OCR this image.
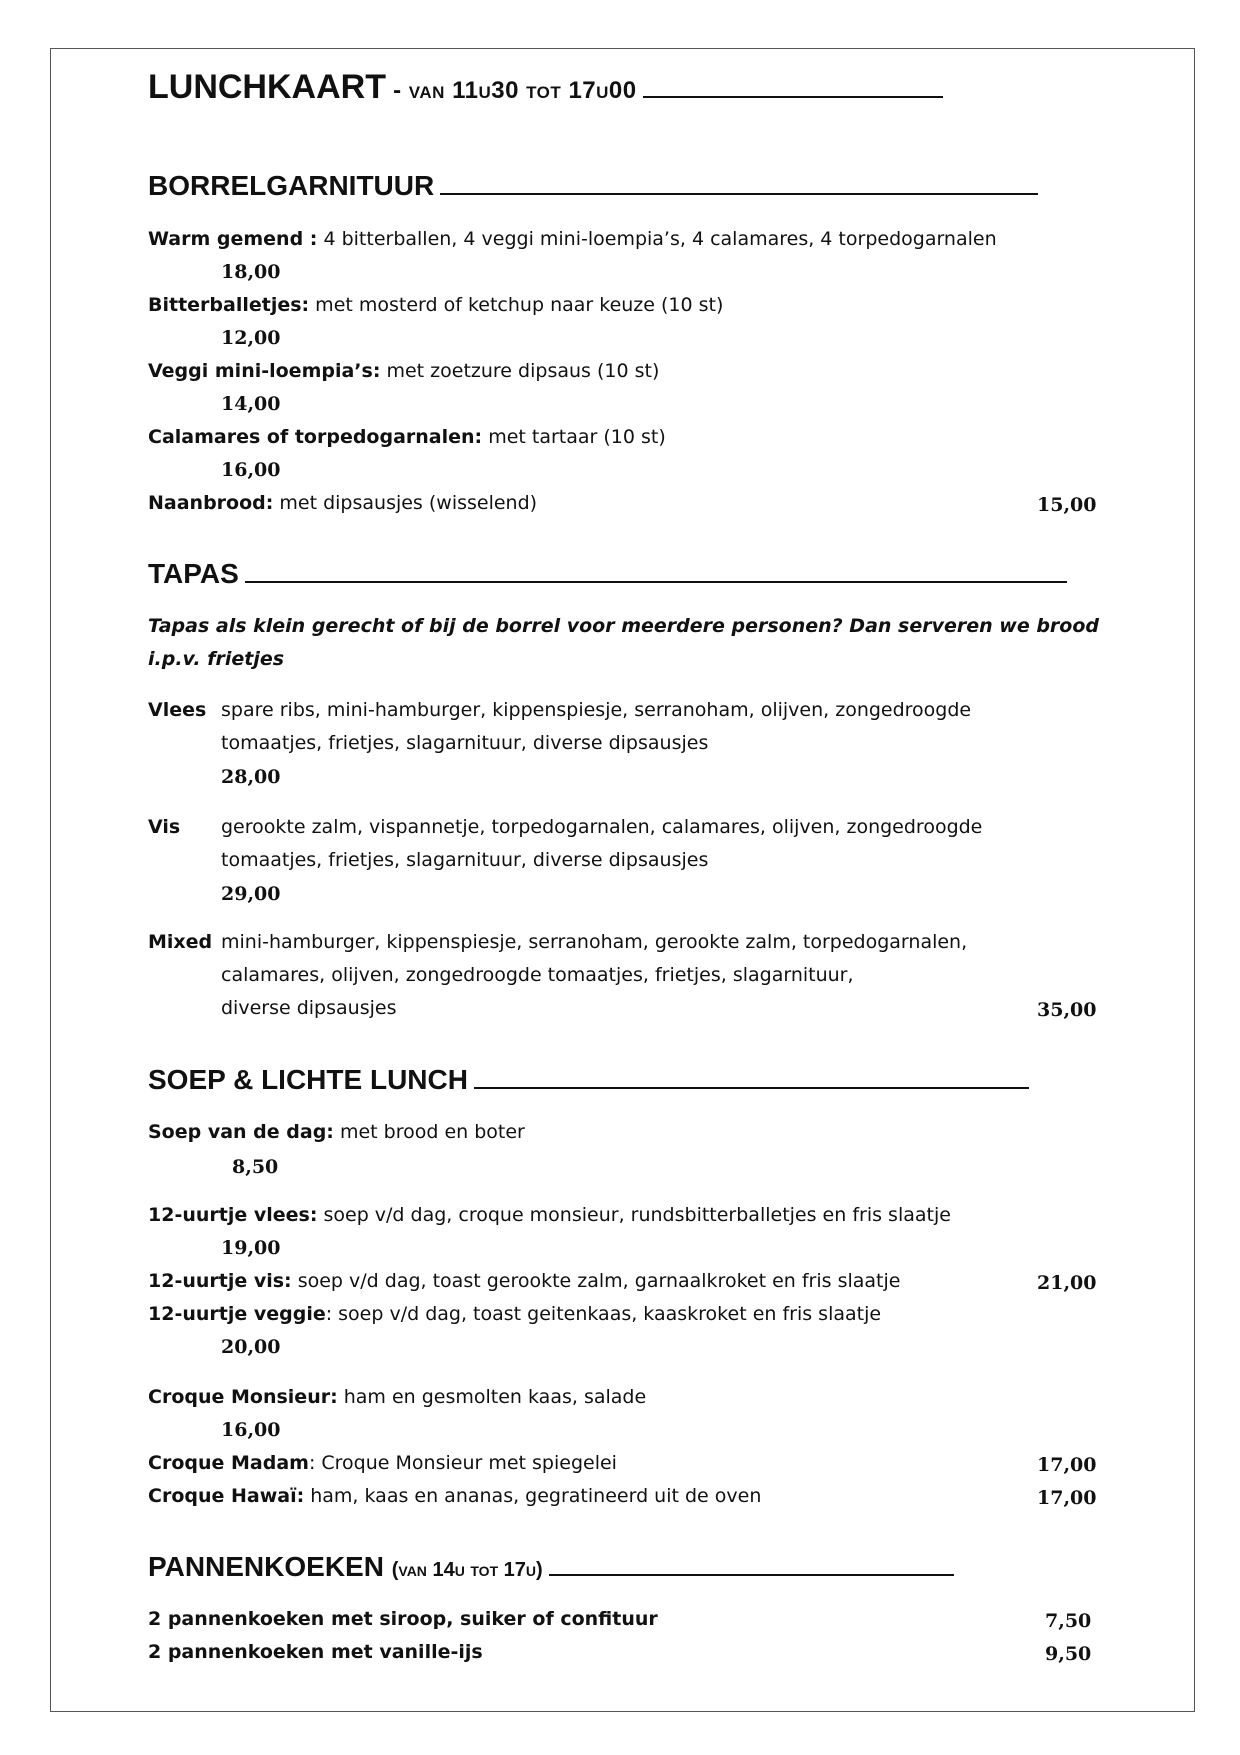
LUNCHKAART - van 11u30 tot 17u00
BORRELGARNITUUR
Warm gemend : 4 bitterballen, 4 veggi mini-loempia’s, 4 calamares, 4 torpedogarnalen
18,00
Bitterballetjes: met mosterd of ketchup naar keuze (10 st)
12,00
Veggi mini-loempia’s: met zoetzure dipsaus (10 st)
14,00
Calamares of torpedogarnalen: met tartaar (10 st)
16,00
Naanbrood: met dipsausjes (wisselend)	15,00
TAPAS
Tapas als klein gerecht of bij de borrel voor meerdere personen? Dan serveren we brood
i.p.v. frietjes
Vlees spare ribs, mini-hamburger, kippenspiesje, serranoham, olijven, zongedroogde
tomaatjes, frietjes, slagarnituur, diverse dipsausjes
28,00
Vis gerookte zalm, vispannetje, torpedogarnalen, calamares, olijven, zongedroogde
tomaatjes, frietjes, slagarnituur, diverse dipsausjes
29,00
Mixed mini-hamburger, kippenspiesje, serranoham, gerookte zalm, torpedogarnalen,
calamares, olijven, zongedroogde tomaatjes, frietjes, slagarnituur,
diverse dipsausjes	35,00
SOEP & LICHTE LUNCH
Soep van de dag: met brood en boter
8,50
12-uurtje vlees: soep v/d dag, croque monsieur, rundsbitterballetjes en fris slaatje
19,00
12-uurtje vis: soep v/d dag, toast gerookte zalm, garnaalkroket en fris slaatje	21,00
12-uurtje veggie: soep v/d dag, toast geitenkaas, kaaskroket en fris slaatje
20,00
Croque Monsieur: ham en gesmolten kaas, salade
16,00
Croque Madam: Croque Monsieur met spiegelei	17,00
Croque Hawaï: ham, kaas en ananas, gegratineerd uit de oven	17,00
PANNENKOEKEN (van 14u tot 17u)
2 pannenkoeken met siroop, suiker of confituur	7,50
2 pannenkoeken met vanille-ijs	9,50
